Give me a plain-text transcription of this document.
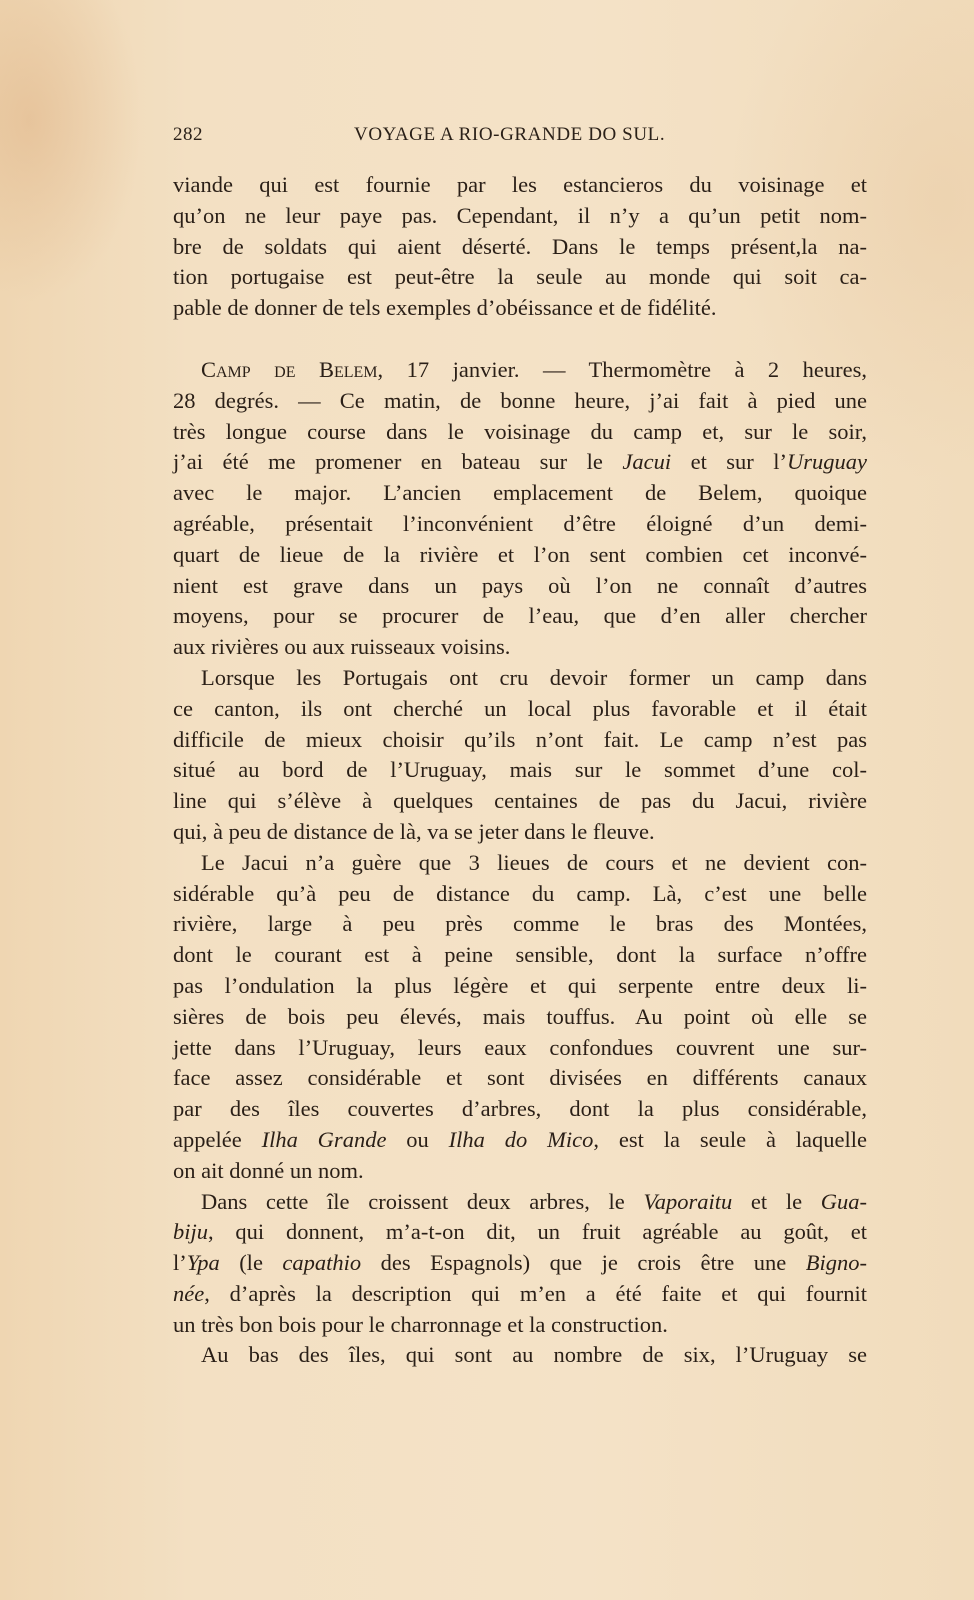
282	VOYAGE A RIO-GRANDE DO SUL.
viande qui est fournie par les estancieros du voisinage et
qu’on ne leur paye pas. Cependant, il n’y a qu’un petit nom-
bre de soldats qui aient déserté. Dans le temps présent,la na-
tion portugaise est peut-être la seule au monde qui soit ca-
pable de donner de tels exemples d’obéissance et de fidélité.
Camp de Belem, 17 janvier. — Thermomètre à 2 heures,
28 degrés. — Ce matin, de bonne heure, j’ai fait à pied une
très longue course dans le voisinage du camp et, sur le soir,
j’ai été me promener en bateau sur le Jacui et sur l’Uruguay
avec le major. L’ancien emplacement de Belem, quoique
agréable, présentait l’inconvénient d’être éloigné d’un demi-
quart de lieue de la rivière et l’on sent combien cet inconvé-
nient est grave dans un pays où l’on ne connaît d’autres
moyens, pour se procurer de l’eau, que d’en aller chercher
aux rivières ou aux ruisseaux voisins.
Lorsque les Portugais ont cru devoir former un camp dans
ce canton, ils ont cherché un local plus favorable et il était
difficile de mieux choisir qu’ils n’ont fait. Le camp n’est pas
situé au bord de l’Uruguay, mais sur le sommet d’une col-
line qui s’élève à quelques centaines de pas du Jacui, rivière
qui, à peu de distance de là, va se jeter dans le fleuve.
Le Jacui n’a guère que 3 lieues de cours et ne devient con-
sidérable qu’à peu de distance du camp. Là, c’est une belle
rivière, large à peu près comme le bras des Montées,
dont le courant est à peine sensible, dont la surface n’offre
pas l’ondulation la plus légère et qui serpente entre deux li-
sières de bois peu élevés, mais touffus. Au point où elle se
jette dans l’Uruguay, leurs eaux confondues couvrent une sur-
face assez considérable et sont divisées en différents canaux
par des îles couvertes d’arbres, dont la plus considérable,
appelée Ilha Grande ou Ilha do Mico, est la seule à laquelle
on ait donné un nom.
Dans cette île croissent deux arbres, le Vaporaitu et le Gua-
biju, qui donnent, m’a-t-on dit, un fruit agréable au goût, et
l’Ypa (le capathio des Espagnols) que je crois être une Bigno-
née, d’après la description qui m’en a été faite et qui fournit
un très bon bois pour le charronnage et la construction.
Au bas des îles, qui sont au nombre de six, l’Uruguay se
